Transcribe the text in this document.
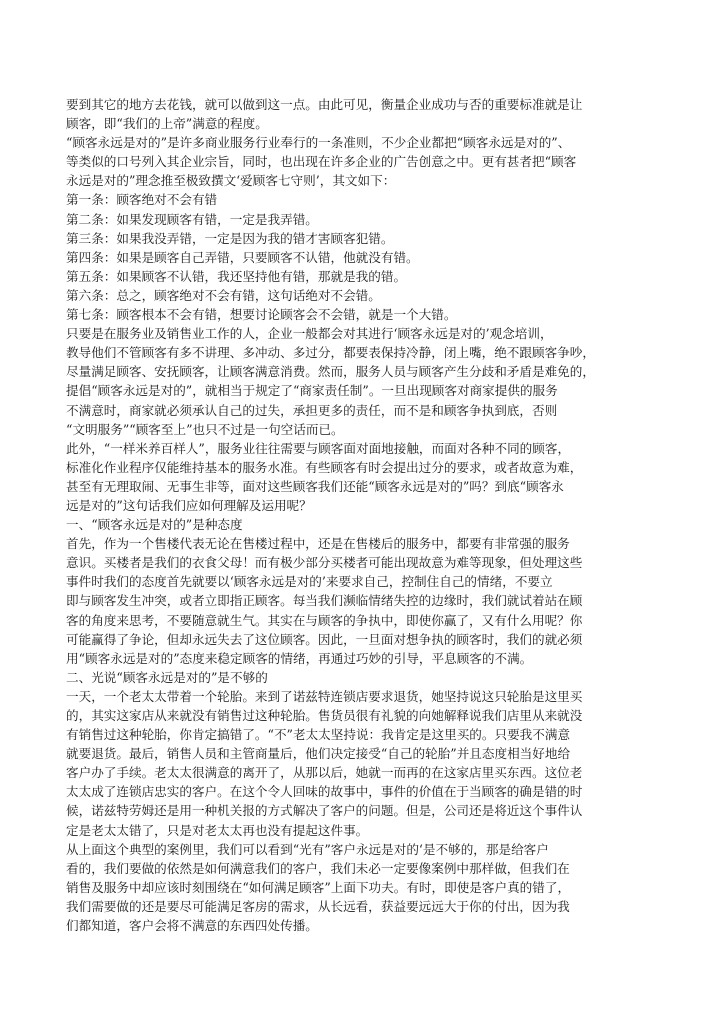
要到其它的地方去花钱，就可以做到这一点。由此可见，衡量企业成功与否的重要标准就是让
顾客，即“我们的上帝”满意的程度。
“顾客永远是对的”是许多商业服务行业奉行的一条准则，不少企业都把“顾客永远是对的”、
等类似的口号列入其企业宗旨，同时，也出现在许多企业的广告创意之中。更有甚者把“顾客
永远是对的”理念推至极致撰文‘爱顾客七守则’，其文如下：
第一条：顾客绝对不会有错
第二条：如果发现顾客有错，一定是我弄错。
第三条：如果我没弄错，一定是因为我的错才害顾客犯错。
第四条：如果是顾客自己弄错，只要顾客不认错，他就没有错。
第五条：如果顾客不认错，我还坚持他有错，那就是我的错。
第六条：总之，顾客绝对不会有错，这句话绝对不会错。
第七条：顾客根本不会有错，想要讨论顾客会不会错，就是一个大错。
只要是在服务业及销售业工作的人，企业一般都会对其进行‘顾客永远是对的’观念培训，
教导他们不管顾客有多不讲理、多冲动、多过分，都要表保持冷静，闭上嘴，绝不跟顾客争吵，
尽量满足顾客、安抚顾客，让顾客满意消费。然而，服务人员与顾客产生分歧和矛盾是难免的，
提倡“顾客永远是对的”，就相当于规定了“商家责任制”。一旦出现顾客对商家提供的服务
不满意时，商家就必须承认自己的过失，承担更多的责任，而不是和顾客争执到底，否则
“文明服务”“顾客至上”也只不过是一句空话而已。
此外，“一样米养百样人”，服务业往往需要与顾客面对面地接触，而面对各种不同的顾客，
标准化作业程序仅能维持基本的服务水准。有些顾客有时会提出过分的要求，或者故意为难，
甚至有无理取闹、无事生非等，面对这些顾客我们还能“顾客永远是对的”吗？到底“顾客永
远是对的”这句话我们应如何理解及运用呢？
一、“顾客永远是对的”是种态度
首先，作为一个售楼代表无论在售楼过程中，还是在售楼后的服务中，都要有非常强的服务
意识。买楼者是我们的衣食父母！而有极少部分买楼者可能出现故意为难等现象，但处理这些
事件时我们的态度首先就要以‘顾客永远是对的’来要求自己，控制住自己的情绪，不要立
即与顾客发生冲突，或者立即指正顾客。每当我们濒临情绪失控的边缘时，我们就试着站在顾
客的角度来思考，不要随意就生气。其实在与顾客的争执中，即使你赢了，又有什么用呢？你
可能赢得了争论，但却永远失去了这位顾客。因此，一旦面对想争执的顾客时，我们的就必须
用“顾客永远是对的”态度来稳定顾客的情绪，再通过巧妙的引导，平息顾客的不满。
二、光说“顾客永远是对的”是不够的
一天，一个老太太带着一个轮胎。来到了诺兹特连锁店要求退货，她坚持说这只轮胎是这里买
的，其实这家店从来就没有销售过这种轮胎。售货员很有礼貌的向她解释说我们店里从来就没
有销售过这种轮胎，你肯定搞错了。“不”老太太坚持说：我肯定是这里买的。只要我不满意
就要退货。最后，销售人员和主管商量后，他们决定接受“自己的轮胎”并且态度相当好地给
客户办了手续。老太太很满意的离开了，从那以后，她就一而再的在这家店里买东西。这位老
太太成了连锁店忠实的客户。在这个令人回味的故事中，事件的价值在于当顾客的确是错的时
候，诺兹特劳姆还是用一种机关报的方式解决了客户的问题。但是，公司还是将近这个事件认
定是老太太错了，只是对老太太再也没有提起这件事。
从上面这个典型的案例里，我们可以看到“光有”客户永远是对的‘是不够的，那是给客户
看的，我们要做的依然是如何满意我们的客户，我们未必一定要像案例中那样做，但我们在
销售及服务中却应该时刻围绕在“如何满足顾客”上面下功夫。有时，即使是客户真的错了，
我们需要做的还是要尽可能满足客房的需求，从长远看，获益要远远大于你的付出，因为我
们都知道，客户会将不满意的东西四处传播。
